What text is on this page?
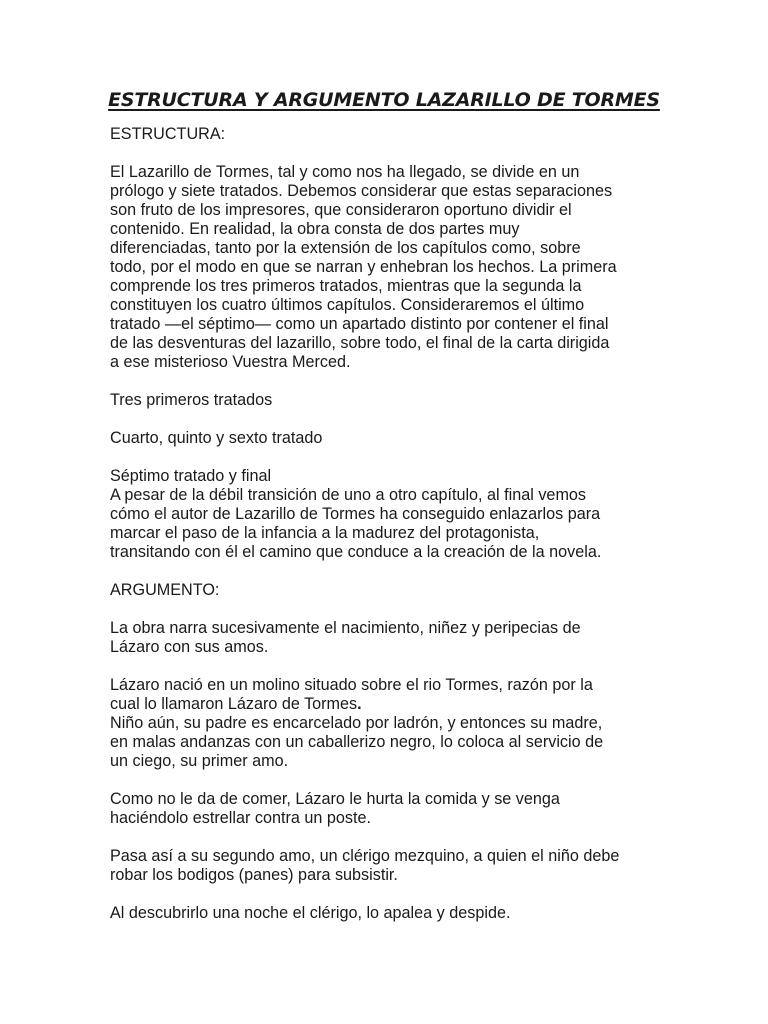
ESTRUCTURA Y ARGUMENTO LAZARILLO DE TORMES

ESTRUCTURA:

El Lazarillo de Tormes, tal y como nos ha llegado, se divide en un

prólogo y siete tratados. Debemos considerar que estas separaciones

son fruto de los impresores, que consideraron oportuno dividir el

contenido. En realidad, la obra consta de dos partes muy

diferenciadas, tanto por la extensión de los capítulos como, sobre

todo, por el modo en que se narran y enhebran los hechos. La primera

comprende los tres primeros tratados, mientras que la segunda la

constituyen los cuatro últimos capítulos. Consideraremos el último

tratado —el séptimo— como un apartado distinto por contener el final

de las desventuras del lazarillo, sobre todo, el final de la carta dirigida

a ese misterioso Vuestra Merced.

Tres primeros tratados

Cuarto, quinto y sexto tratado

Séptimo tratado y final

A pesar de la débil transición de uno a otro capítulo, al final vemos

cómo el autor de Lazarillo de Tormes ha conseguido enlazarlos para

marcar el paso de la infancia a la madurez del protagonista,

transitando con él el camino que conduce a la creación de la novela.

ARGUMENTO:

La obra narra sucesivamente el nacimiento, niñez y peripecias de

Lázaro con sus amos.

Lázaro nació en un molino situado sobre el rio Tormes, razón por la

cual lo llamaron Lázaro de Tormes.

Niño aún, su padre es encarcelado por ladrón, y entonces su madre,

en malas andanzas con un caballerizo negro, lo coloca al servicio de

un ciego, su primer amo.

Como no le da de comer, Lázaro le hurta la comida y se venga

haciéndolo estrellar contra un poste.

Pasa así a su segundo amo, un clérigo mezquino, a quien el niño debe

robar los bodigos (panes) para subsistir.

Al descubrirlo una noche el clérigo, lo apalea y despide.
